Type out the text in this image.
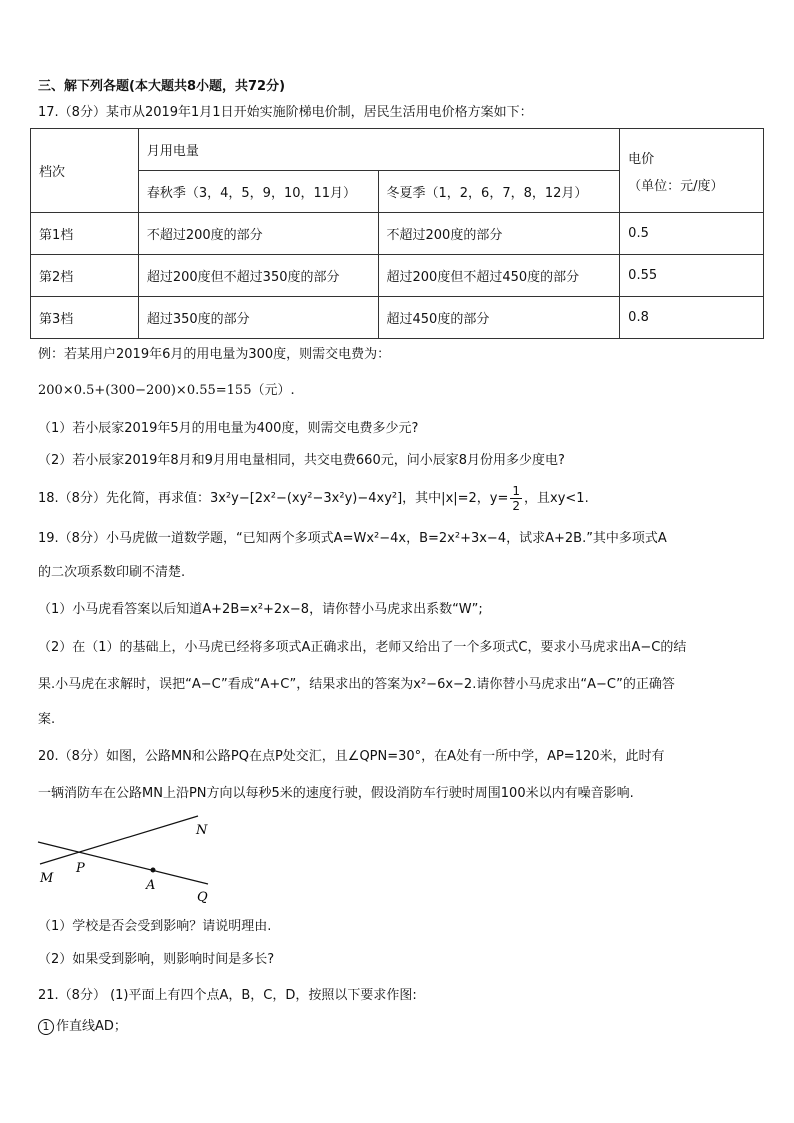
三、解下列各题(本大题共8小题，共72分)
17.（8分）某市从2019年1月1日开始实施阶梯电价制，居民生活用电价格方案如下：
档次	月用电量		电价
（单位：元/度）

	春秋季（3，4，5，9，10，11月）	冬夏季（1，2，6，7，8，12月）	
第1档	不超过200度的部分	不超过200度的部分	0.5
第2档	超过200度但不超过350度的部分	超过200度但不超过450度的部分	0.55
第3档	超过350度的部分	超过450度的部分	0.8
例：若某用户2019年6月的用电量为300度，则需交电费为：
200×0.5+(300−200)×0.55=155（元）.
（1）若小辰家2019年5月的用电量为400度，则需交电费多少元?
（2）若小辰家2019年8月和9月用电量相同，共交电费660元，问小辰家8月份用多少度电?
18.（8分）先化简，再求值：3x²y−[2x²−(xy²−3x²y)−4xy²]，其中|x|=2，$y= \frac{1}{2}$ ，且xy<1.
19.（8分）小马虎做一道数学题，“已知两个多项式A=Wx²−4x，B=2x²+3x−4，试求A+2B.”其中多项式A
的二次项系数印刷不清楚.
（1）小马虎看答案以后知道A+2B=x²+2x−8，请你替小马虎求出系数“W”;
（2）在（1）的基础上，小马虎已经将多项式A正确求出，老师又给出了一个多项式C，要求小马虎求出A−C的结
果.小马虎在求解时，误把“A−C”看成“A+C”，结果求出的答案为x²−6x−2.请你替小马虎求出“A−C”的正确答
案.
20.（8分）如图，公路MN和公路PQ在点P处交汇，且∠QPN=30°，在A处有一所中学，AP=120米，此时有
一辆消防车在公路MN上沿PN方向以每秒5米的速度行驶，假设消防车行驶时周围100米以内有噪音影响.
N
M
P
A
Q
（1）学校是否会受到影响？请说明理由.
（2）如果受到影响，则影响时间是多长?
21.（8分） (1)平面上有四个点A，B，C，D，按照以下要求作图:
1 作直线AD；
